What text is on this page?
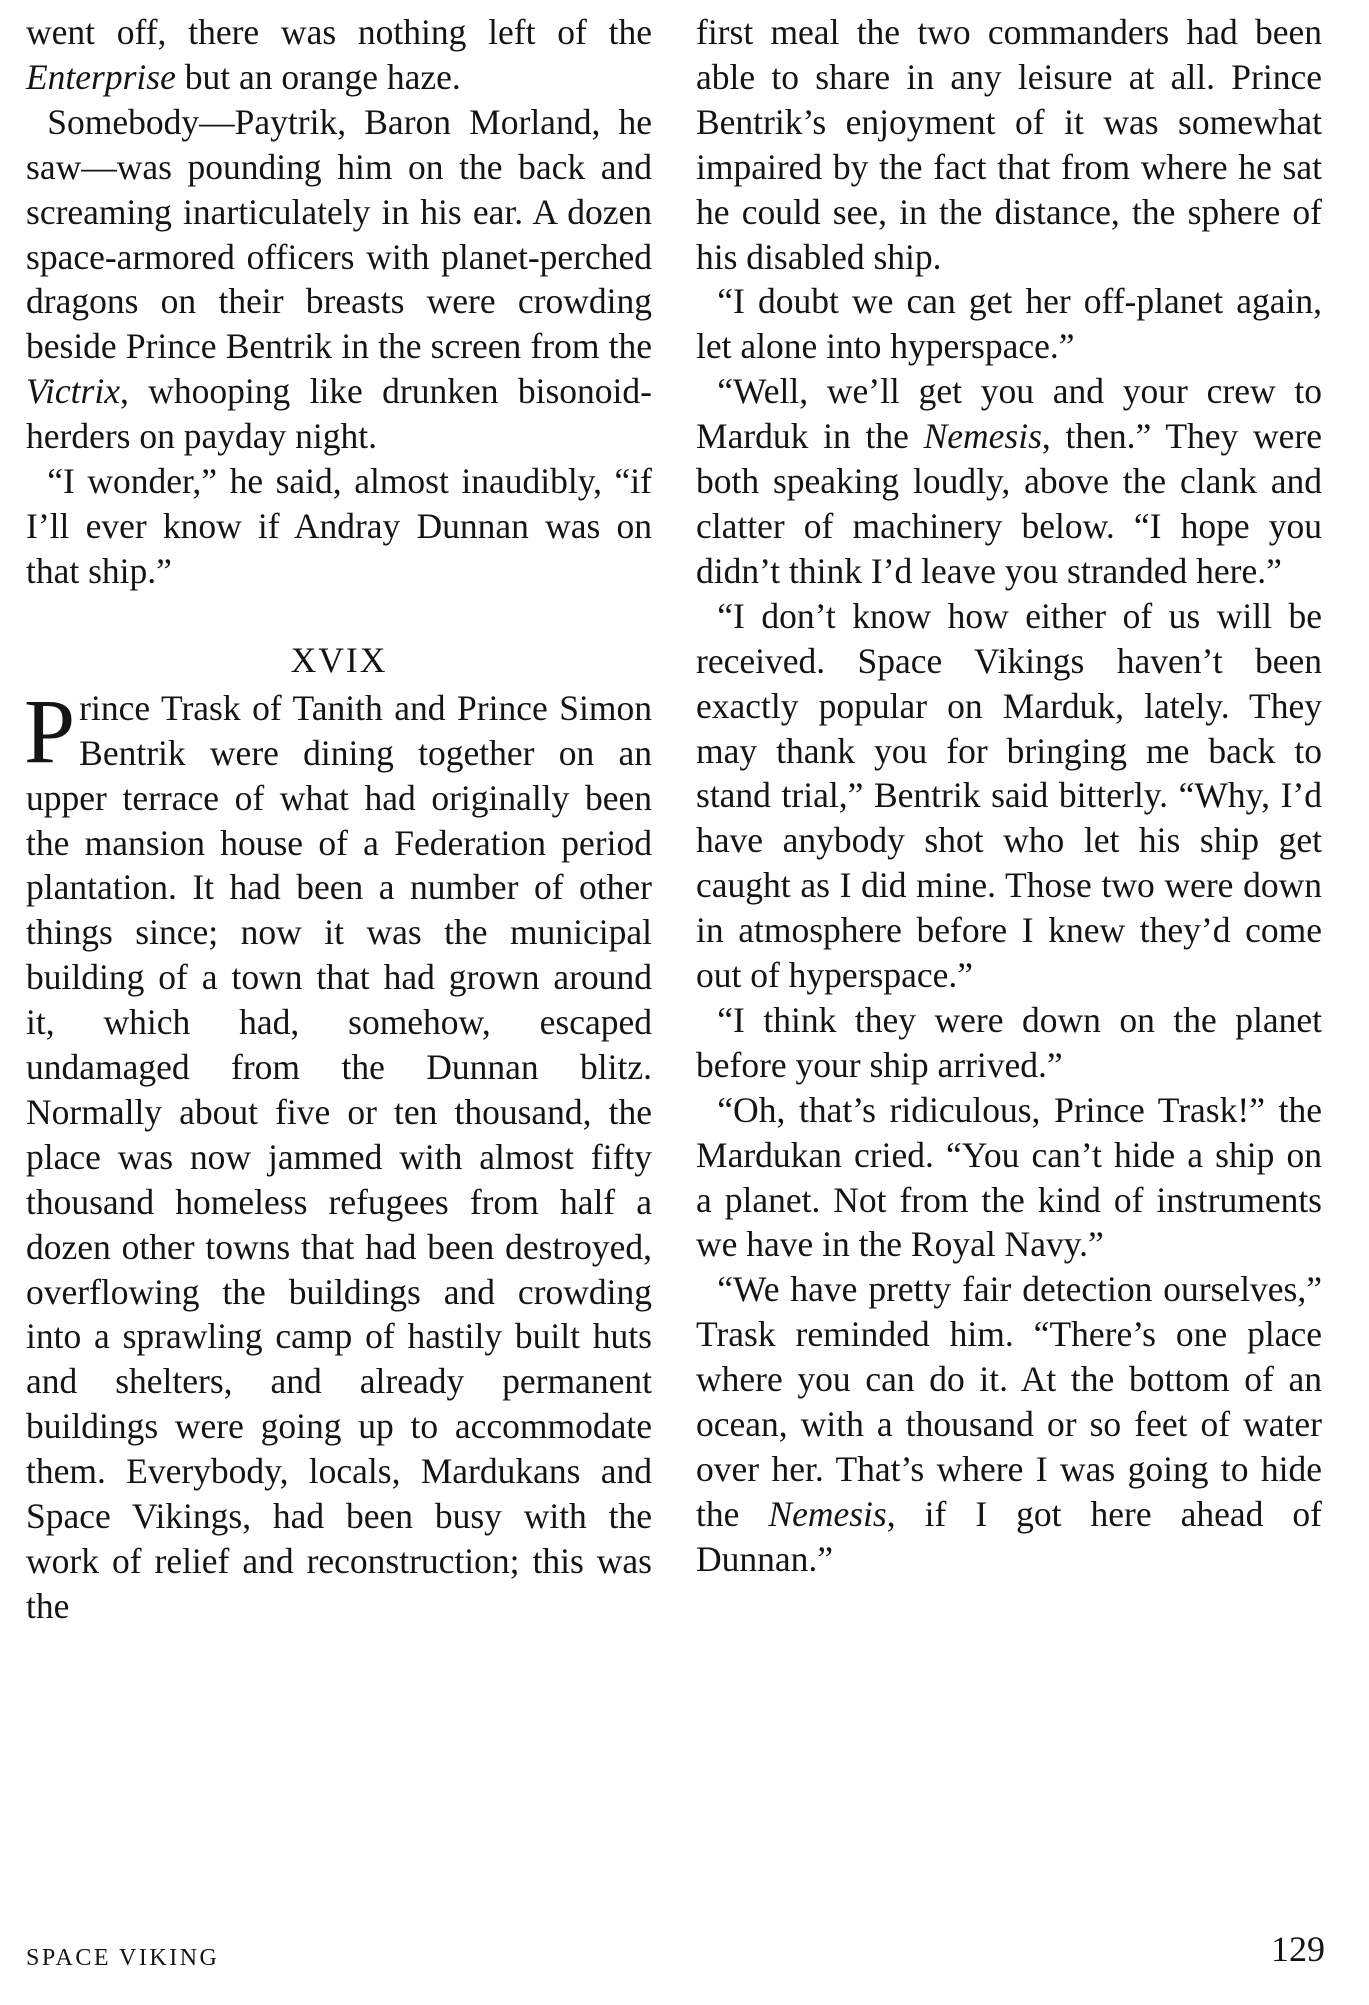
went off, there was nothing left of the Enterprise but an orange haze.

Somebody—Paytrik, Baron Morland, he saw—was pounding him on the back and screaming inarticulately in his ear. A dozen space-armored officers with planet-perched dragons on their breasts were crowding beside Prince Bentrik in the screen from the Victrix, whooping like drunken bisonoid-herders on payday night.

“I wonder,” he said, almost inaudibly, “if I’ll ever know if Andray Dunnan was on that ship.”

XVIX

Prince Trask of Tanith and Prince Simon Bentrik were dining together on an upper terrace of what had originally been the mansion house of a Federation period plantation. It had been a number of other things since; now it was the municipal building of a town that had grown around it, which had, somehow, escaped undamaged from the Dunnan blitz. Normally about five or ten thousand, the place was now jammed with almost fifty thousand homeless refugees from half a dozen other towns that had been destroyed, overflowing the buildings and crowding into a sprawling camp of hastily built huts and shelters, and already permanent buildings were going up to accommodate them. Everybody, locals, Mardukans and Space Vikings, had been busy with the work of relief and reconstruction; this was the

first meal the two commanders had been able to share in any leisure at all. Prince Bentrik’s enjoyment of it was somewhat impaired by the fact that from where he sat he could see, in the distance, the sphere of his disabled ship.

“I doubt we can get her off-planet again, let alone into hyperspace.”

“Well, we’ll get you and your crew to Marduk in the Nemesis, then.” They were both speaking loudly, above the clank and clatter of machinery below. “I hope you didn’t think I’d leave you stranded here.”

“I don’t know how either of us will be received. Space Vikings haven’t been exactly popular on Marduk, lately. They may thank you for bringing me back to stand trial,” Bentrik said bitterly. “Why, I’d have anybody shot who let his ship get caught as I did mine. Those two were down in atmosphere before I knew they’d come out of hyperspace.”

“I think they were down on the planet before your ship arrived.”

“Oh, that’s ridiculous, Prince Trask!” the Mardukan cried. “You can’t hide a ship on a planet. Not from the kind of instruments we have in the Royal Navy.”

“We have pretty fair detection ourselves,” Trask reminded him. “There’s one place where you can do it. At the bottom of an ocean, with a thousand or so feet of water over her. That’s where I was going to hide the Nemesis, if I got here ahead of Dunnan.”

SPACE VIKING	129
